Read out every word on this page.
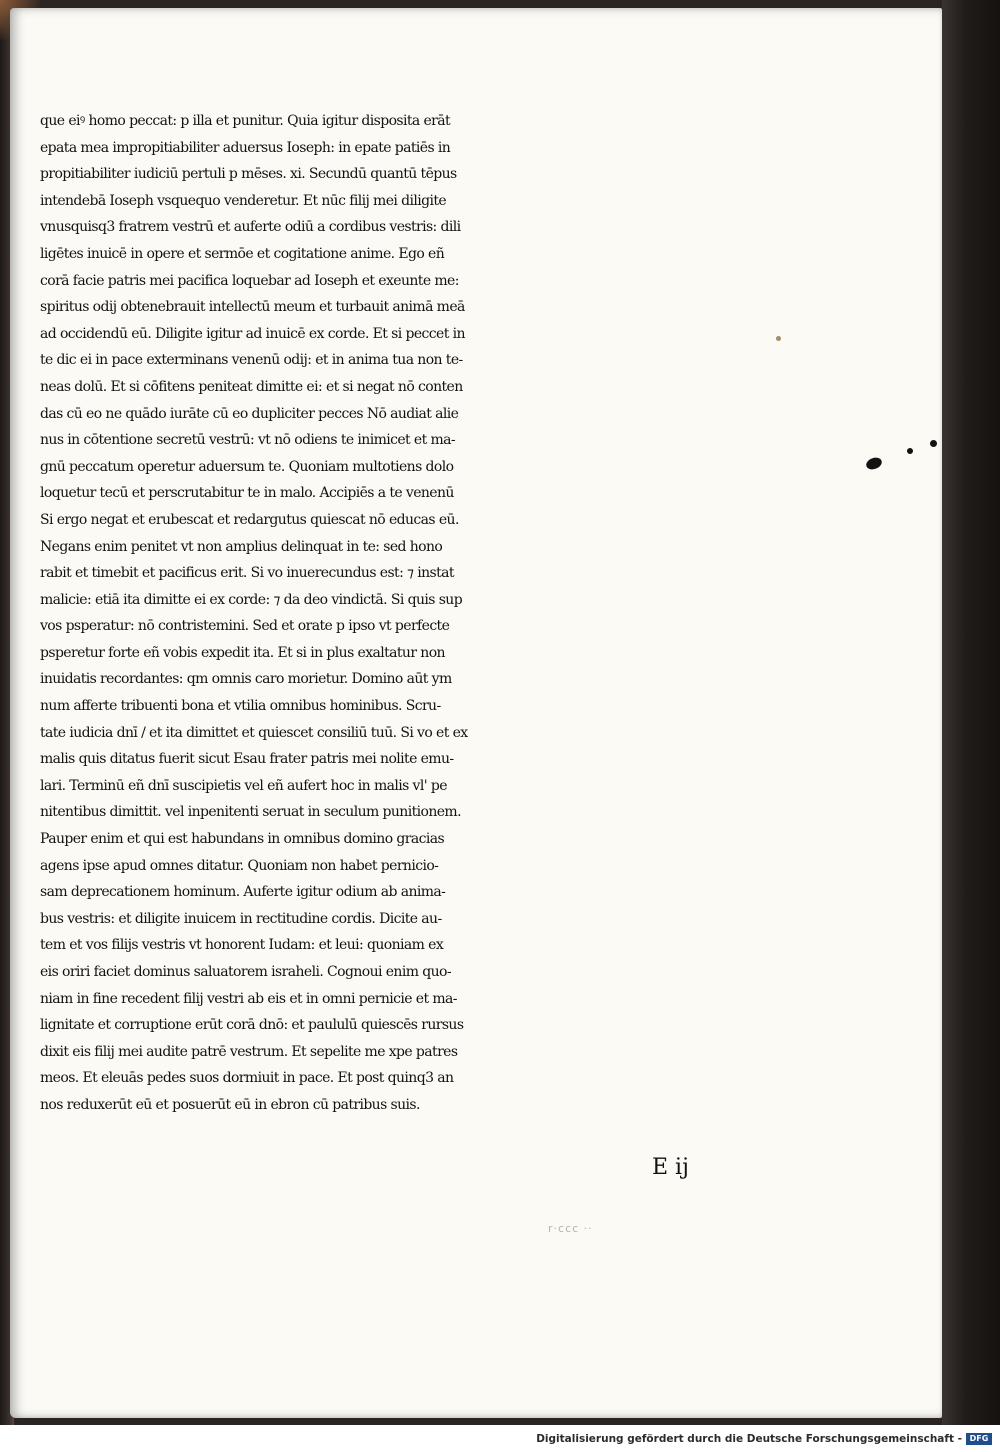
que eiꝰ homo peccat: p illa et punitur. Quia igitur disposita erāt
epata mea impropitiabiliter aduersus Ioseph: in epate patiēs in
propitiabiliter iudiciū pertuli p mēses. xi. Secundū quantū tēpus
intendebā Ioseph vsquequo venderetur. Et nūc filij mei diligite
vnusquisq3 fratrem vestrū et auferte odiū a cordibus vestris: dili
ligētes inuicē in opere et sermōe et cogitatione anime. Ego eñ
corā facie patris mei pacifica loquebar ad Ioseph et exeunte me:
spiritus odij obtenebrauit intellectū meum et turbauit animā meā
ad occidendū eū. Diligite igitur ad inuicē ex corde. Et si peccet in
te dic ei in pace exterminans venenū odij: et in anima tua non te-
neas dolū. Et si cōfitens peniteat dimitte ei: et si negat nō conten
das cū eo ne quādo iurāte cū eo dupliciter pecces Nō audiat alie
nus in cōtentione secretū vestrū: vt nō odiens te inimicet et ma-
gnū peccatum operetur aduersum te. Quoniam multotiens dolo
loquetur tecū et perscrutabitur te in malo. Accipiēs a te venenū
Si ergo negat et erubescat et redargutus quiescat nō educas eū.
Negans enim penitet vt non amplius delinquat in te: sed hono
rabit et timebit et pacificus erit. Si vo inuerecundus est: ⁊ instat
malicie: etiā ita dimitte ei ex corde: ⁊ da deo vindictā. Si quis sup
vos psperatur: nō contristemini. Sed et orate p ipso vt perfecte
psperetur forte eñ vobis expedit ita. Et si in plus exaltatur non
inuidatis recordantes: qm omnis caro morietur. Domino aūt ym
num afferte tribuenti bona et vtilia omnibus hominibus. Scru-
tate iudicia dnī / et ita dimittet et quiescet consiliū tuū. Si vo et ex
malis quis ditatus fuerit sicut Esau frater patris mei nolite emu-
lari. Terminū eñ dnī suscipietis vel eñ aufert hoc in malis vl' pe
nitentibus dimittit. vel inpenitenti seruat in seculum punitionem.
Pauper enim et qui est habundans in omnibus domino gracias
agens ipse apud omnes ditatur. Quoniam non habet pernicio-
sam deprecationem hominum. Auferte igitur odium ab anima-
bus vestris: et diligite inuicem in rectitudine cordis. Dicite au-
tem et vos filijs vestris vt honorent Iudam: et leui: quoniam ex
eis oriri faciet dominus saluatorem israheli. Cognoui enim quo-
niam in fine recedent filij vestri ab eis et in omni pernicie et ma-
lignitate et corruptione erūt corā dnō: et paululū quiescēs rursus
dixit eis filij mei audite patrē vestrum. Et sepelite me xpe patres
meos. Et eleuās pedes suos dormiuit in pace. Et post quinq3 an
nos reduxerūt eū et posuerūt eū in ebron cū patribus suis.
E ij
r·ccc ··
Digitalisierung gefördert durch die Deutsche Forschungsgemeinschaft - DFG
